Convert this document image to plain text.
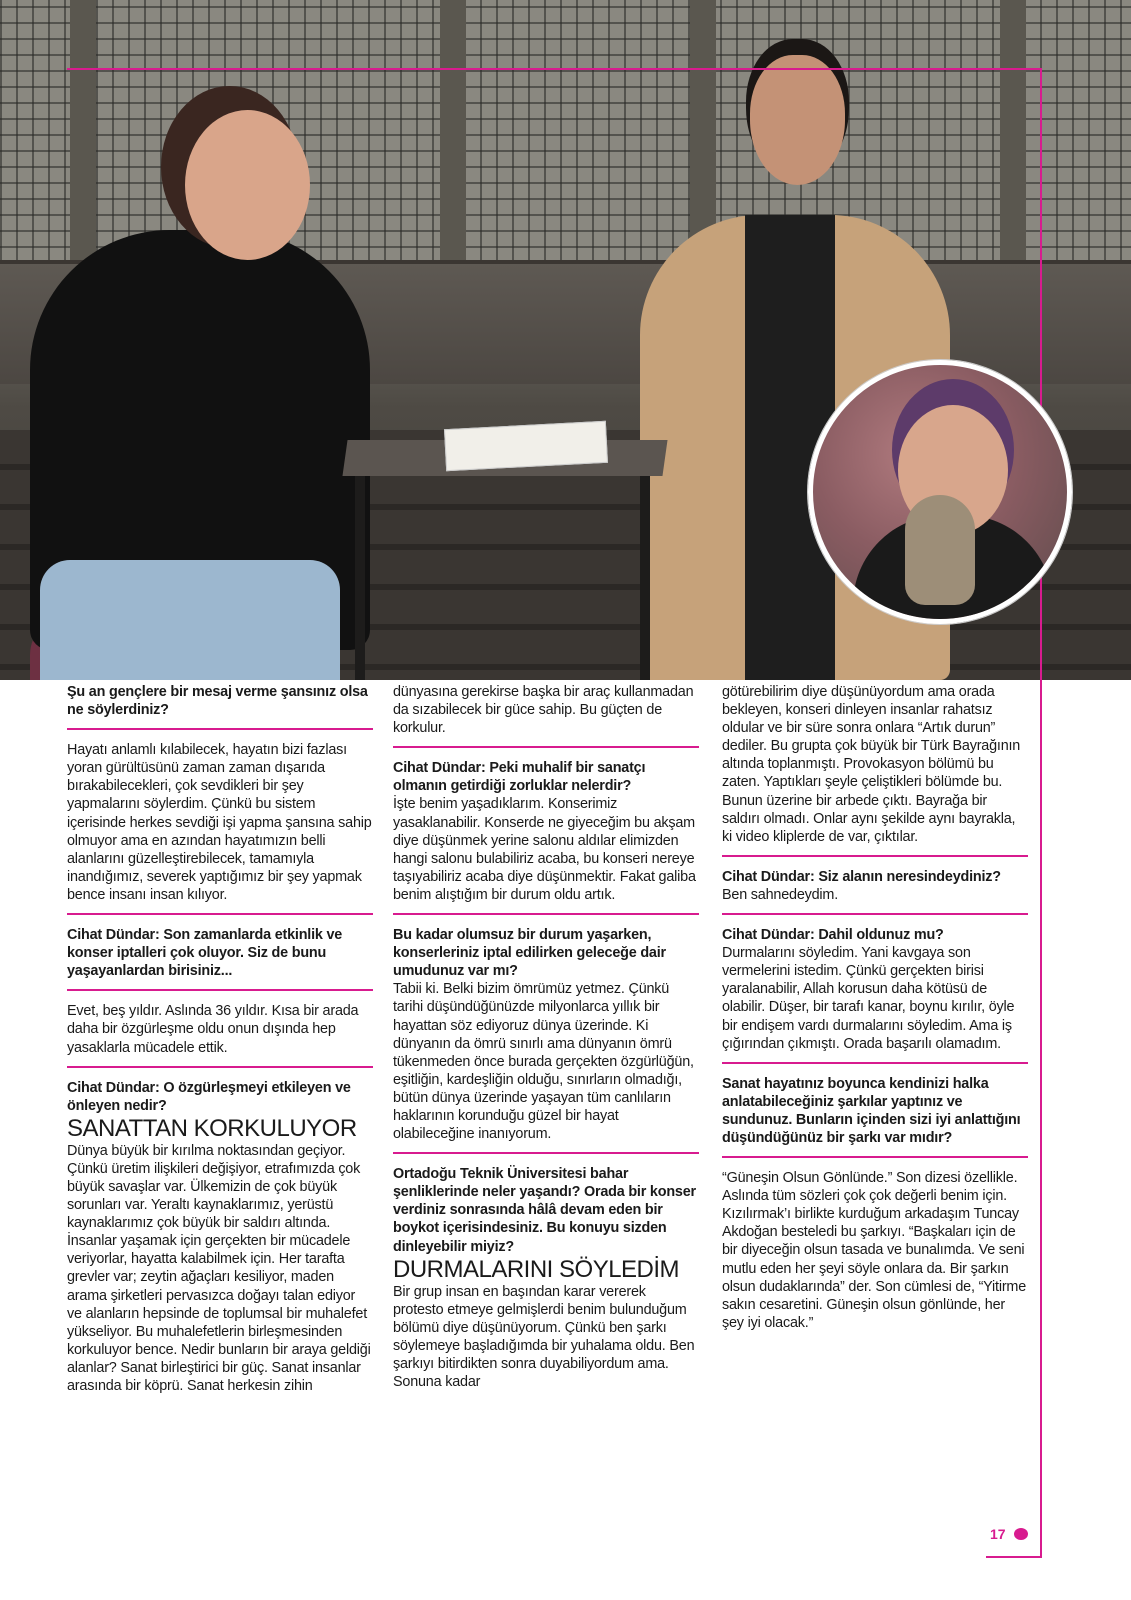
Şu an gençlere bir mesaj verme şansınız olsa ne söylerdiniz?

Hayatı anlamlı kılabilecek, hayatın bizi fazlası yoran gürültüsünü zaman zaman dışarıda bırakabilecekleri, çok sevdikleri bir şey yapmalarını söylerdim. Çünkü bu sistem içerisinde herkes sevdiği işi yapma şansına sahip olmuyor ama en azından hayatımızın belli alanlarını güzelleştirebilecek, tamamıyla inandığımız, severek yaptığımız bir şey yapmak bence insanı insan kılıyor.

Cihat Dündar: Son zamanlarda etkinlik ve konser iptalleri çok oluyor. Siz de bunu yaşayanlardan birisiniz...

Evet, beş yıldır. Aslında 36 yıldır. Kısa bir arada daha bir özgürleşme oldu onun dışında hep yasaklarla mücadele ettik.

Cihat Dündar: O özgürleşmeyi etkileyen ve önleyen nedir?

SANATTAN KORKULUYOR

Dünya büyük bir kırılma noktasından geçiyor. Çünkü üretim ilişkileri değişiyor, etrafımızda çok büyük savaşlar var. Ülkemizin de çok büyük sorunları var. Yeraltı kaynaklarımız, yerüstü kaynaklarımız çok büyük bir saldırı altında. İnsanlar yaşamak için gerçekten bir mücadele veriyorlar, hayatta kalabilmek için. Her tarafta grevler var; zeytin ağaçları kesiliyor, maden arama şirketleri pervasızca doğayı talan ediyor ve alanların hepsinde de toplumsal bir muhalefet yükseliyor. Bu muhalefetlerin birleşmesinden korkuluyor bence. Nedir bunların bir araya geldiği alanlar? Sanat birleştirici bir güç. Sanat insanlar arasında bir köprü. Sanat herkesin zihin

dünyasına gerekirse başka bir araç kullanmadan da sızabilecek bir güce sahip. Bu güçten de korkulur.

Cihat Dündar: Peki muhalif bir sanatçı olmanın getirdiği zorluklar nelerdir?

İşte benim yaşadıklarım. Konserimiz yasaklanabilir. Konserde ne giyeceğim bu akşam diye düşünmek yerine salonu aldılar elimizden hangi salonu bulabiliriz acaba, bu konseri nereye taşıyabiliriz acaba diye düşünmektir. Fakat galiba benim alıştığım bir durum oldu artık.

Bu kadar olumsuz bir durum yaşarken, konserleriniz iptal edilirken geleceğe dair umudunuz var mı?

Tabii ki. Belki bizim ömrümüz yetmez. Çünkü tarihi düşündüğünüzde milyonlarca yıllık bir hayattan söz ediyoruz dünya üzerinde. Ki dünyanın da ömrü sınırlı ama dünyanın ömrü tükenmeden önce burada gerçekten özgürlüğün, eşitliğin, kardeşliğin olduğu, sınırların olmadığı, bütün dünya üzerinde yaşayan tüm canlıların haklarının korunduğu güzel bir hayat olabileceğine inanıyorum.

Ortadoğu Teknik Üniversitesi bahar şenliklerinde neler yaşandı? Orada bir konser verdiniz sonrasında hâlâ devam eden bir boykot içerisindesiniz. Bu konuyu sizden dinleyebilir miyiz?

DURMALARINI SÖYLEDİM

Bir grup insan en başından karar vererek protesto etmeye gelmişlerdi benim bulunduğum bölümü diye düşünüyorum. Çünkü ben şarkı söylemeye başladığımda bir yuhalama oldu. Ben şarkıyı bitirdikten sonra duyabiliyordum ama. Sonuna kadar

götürebilirim diye düşünüyordum ama orada bekleyen, konseri dinleyen insanlar rahatsız oldular ve bir süre sonra onlara “Artık durun” dediler. Bu grupta çok büyük bir Türk Bayrağının altında toplanmıştı. Provokasyon bölümü bu zaten. Yaptıkları şeyle çeliştikleri bölümde bu. Bunun üzerine bir arbede çıktı. Bayrağa bir saldırı olmadı. Onlar aynı şekilde aynı bayrakla, ki video kliplerde de var, çıktılar.

Cihat Dündar: Siz alanın neresindeydiniz?

Ben sahnedeydim.

Cihat Dündar: Dahil oldunuz mu?

Durmalarını söyledim. Yani kavgaya son vermelerini istedim. Çünkü gerçekten birisi yaralanabilir, Allah korusun daha kötüsü de olabilir. Düşer, bir tarafı kanar, boynu kırılır, öyle bir endişem vardı durmalarını söyledim. Ama iş çığırından çıkmıştı. Orada başarılı olamadım.

Sanat hayatınız boyunca kendinizi halka anlatabileceğiniz şarkılar yaptınız ve sundunuz. Bunların içinden sizi iyi anlattığını düşündüğünüz bir şarkı var mıdır?

“Güneşin Olsun Gönlünde.” Son dizesi özellikle. Aslında tüm sözleri çok çok değerli benim için. Kızılırmak’ı birlikte kurduğum arkadaşım Tuncay Akdoğan besteledi bu şarkıyı. “Başkaları için de bir diyeceğin olsun tasada ve bunalımda. Ve seni mutlu eden her şeyi söyle onlara da. Bir şarkın olsun dudaklarında” der. Son cümlesi de, “Yitirme sakın cesaretini. Güneşin olsun gönlünde, her şey iyi olacak.”

17
